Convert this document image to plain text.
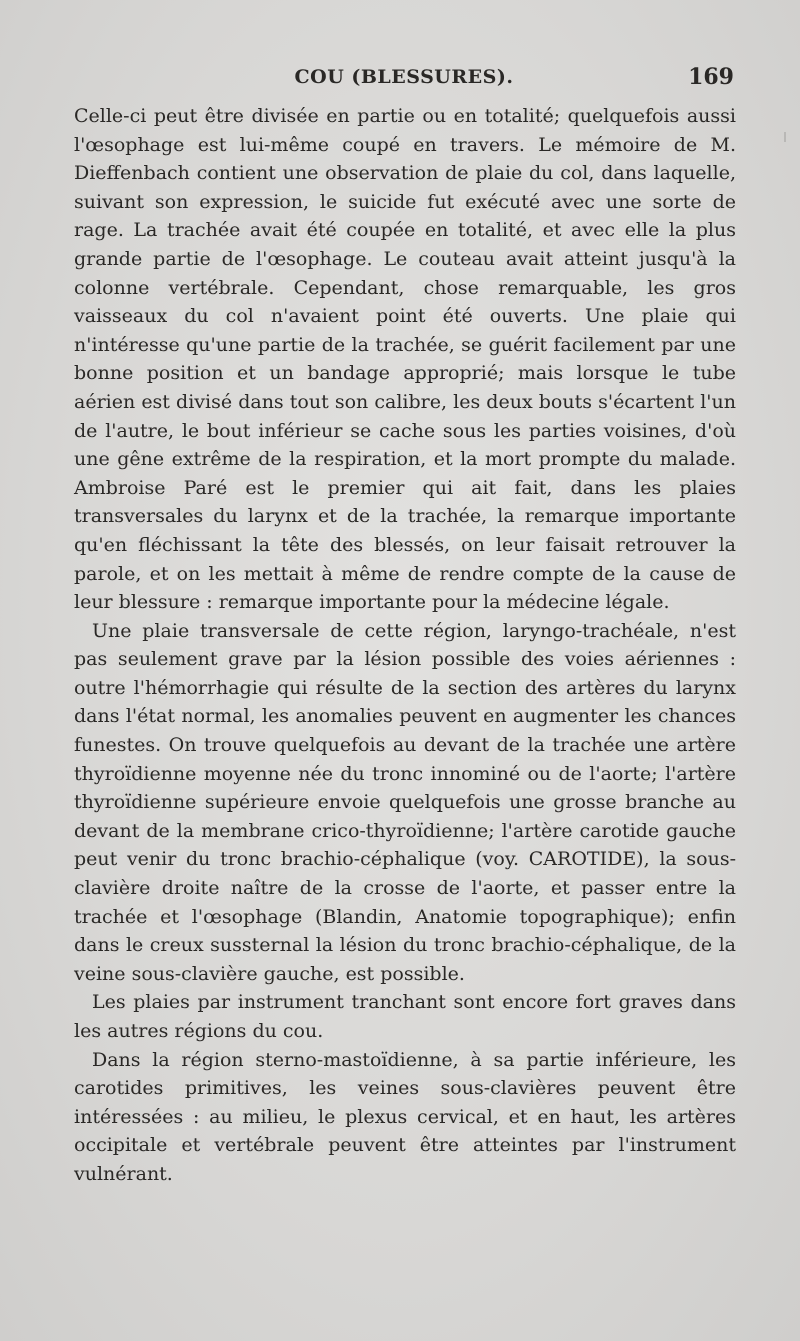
COU (BLESSURES).	169

Celle-ci peut être divisée en partie ou en totalité; quelquefois aussi l'œsophage est lui-même coupé en travers. Le mémoire de M. Dieffenbach contient une observation de plaie du col, dans laquelle, suivant son expression, le suicide fut exécuté avec une sorte de rage. La trachée avait été coupée en totalité, et avec elle la plus grande partie de l'œsophage. Le couteau avait atteint jusqu'à la colonne vertébrale. Cependant, chose remarquable, les gros vaisseaux du col n'avaient point été ouverts. Une plaie qui n'intéresse qu'une partie de la trachée, se guérit facilement par une bonne position et un bandage approprié; mais lorsque le tube aérien est divisé dans tout son calibre, les deux bouts s'écartent l'un de l'autre, le bout inférieur se cache sous les parties voisines, d'où une gêne extrême de la respiration, et la mort prompte du malade. Ambroise Paré est le premier qui ait fait, dans les plaies transversales du larynx et de la trachée, la remarque importante qu'en fléchissant la tête des blessés, on leur faisait retrouver la parole, et on les mettait à même de rendre compte de la cause de leur blessure : remarque importante pour la médecine légale.

Une plaie transversale de cette région, laryngo-trachéale, n'est pas seulement grave par la lésion possible des voies aériennes : outre l'hémorrhagie qui résulte de la section des artères du larynx dans l'état normal, les anomalies peuvent en augmenter les chances funestes. On trouve quelquefois au devant de la trachée une artère thyroïdienne moyenne née du tronc innominé ou de l'aorte; l'artère thyroïdienne supérieure envoie quelquefois une grosse branche au devant de la membrane crico-thyroïdienne; l'artère carotide gauche peut venir du tronc brachio-céphalique (voy. CAROTIDE), la sous-clavière droite naître de la crosse de l'aorte, et passer entre la trachée et l'œsophage (Blandin, Anatomie topographique); enfin dans le creux sussternal la lésion du tronc brachio-céphalique, de la veine sous-clavière gauche, est possible.

Les plaies par instrument tranchant sont encore fort graves dans les autres régions du cou.

Dans la région sterno-mastoïdienne, à sa partie inférieure, les carotides primitives, les veines sous-clavières peuvent être intéressées : au milieu, le plexus cervical, et en haut, les artères occipitale et vertébrale peuvent être atteintes par l'instrument vulnérant.
